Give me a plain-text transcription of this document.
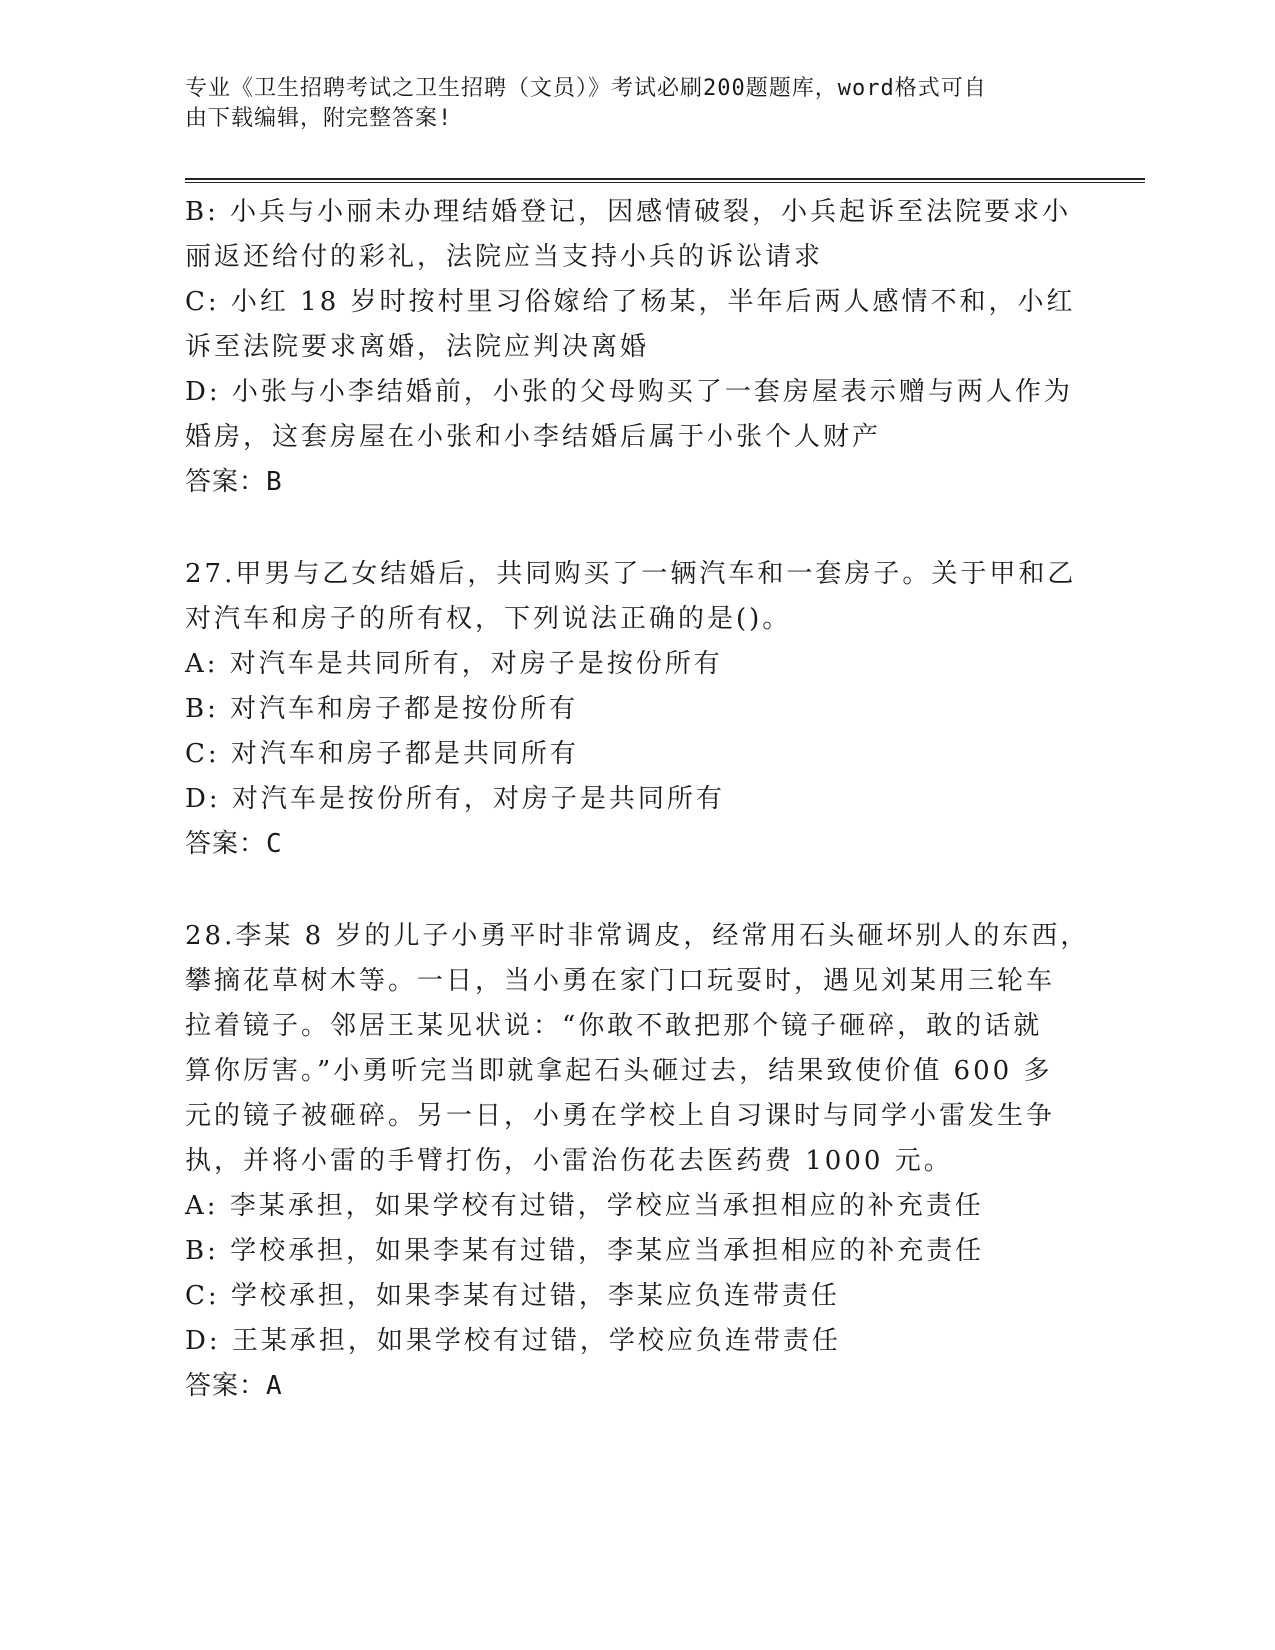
专业《卫生招聘考试之卫生招聘（文员）》考试必刷200题题库，word格式可自
由下载编辑，附完整答案!
B: 小兵与小丽未办理结婚登记，因感情破裂，小兵起诉至法院要求小
丽返还给付的彩礼，法院应当支持小兵的诉讼请求
C: 小红 18 岁时按村里习俗嫁给了杨某，半年后两人感情不和，小红
诉至法院要求离婚，法院应判决离婚
D: 小张与小李结婚前，小张的父母购买了一套房屋表示赠与两人作为
婚房，这套房屋在小张和小李结婚后属于小张个人财产
答案：B
27.甲男与乙女结婚后，共同购买了一辆汽车和一套房子。关于甲和乙
对汽车和房子的所有权，下列说法正确的是()。
A: 对汽车是共同所有，对房子是按份所有
B: 对汽车和房子都是按份所有
C: 对汽车和房子都是共同所有
D: 对汽车是按份所有，对房子是共同所有
答案：C
28.李某 8 岁的儿子小勇平时非常调皮，经常用石头砸坏别人的东西，
攀摘花草树木等。一日，当小勇在家门口玩耍时，遇见刘某用三轮车
拉着镜子。邻居王某见状说：“你敢不敢把那个镜子砸碎，敢的话就
算你厉害。”小勇听完当即就拿起石头砸过去，结果致使价值 600 多
元的镜子被砸碎。另一日，小勇在学校上自习课时与同学小雷发生争
执，并将小雷的手臂打伤，小雷治伤花去医药费 1000 元。
A: 李某承担，如果学校有过错，学校应当承担相应的补充责任
B: 学校承担，如果李某有过错，李某应当承担相应的补充责任
C: 学校承担，如果李某有过错，李某应负连带责任
D: 王某承担，如果学校有过错，学校应负连带责任
答案：A
